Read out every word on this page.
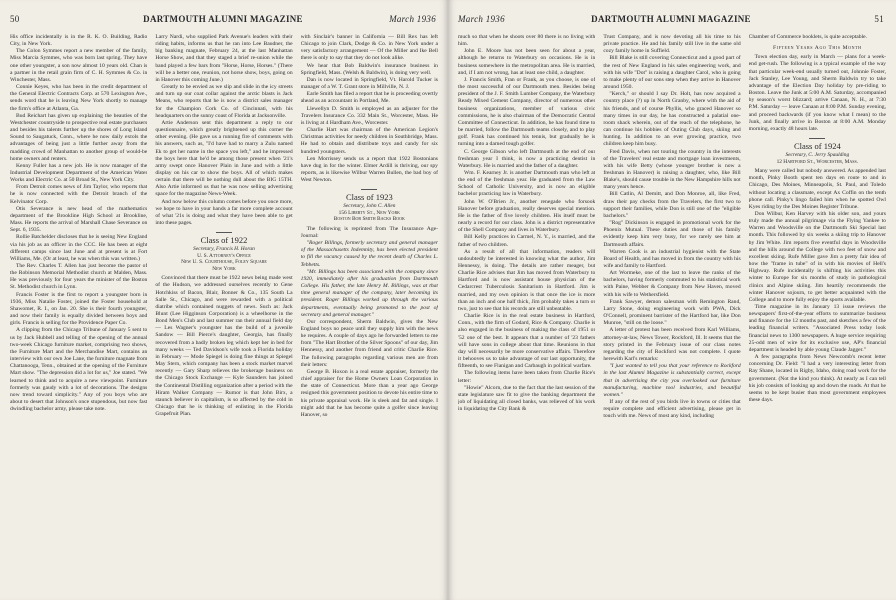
50	DARTMOUTH ALUMNI MAGAZINE	March 1936

His office incidentally is in the R. K. O. Building, Radio City, in New York.

The Colon Symmes report a new member of the family, Miss Marcia Symmes, who was born last spring. They have one other youngster, a son now almost 10 years old. Chan is a partner in the retail grain firm of C. H. Symmes & Co. in Winchester, Mass.

Connie Keyes, who has been in the credit department of the General Electric Contracts Corp. at 570 Lexington Ave., sends word that he is leaving New York shortly to manage the firm's office at Atlanta, Ga.

Bud Reichart has given up explaining the beauties of the Westchester countryside to prospective real estate purchasers and besides his talents further up the shores of Long Island Sound to Saugatuck, Conn., where he now daily extols the advantages of being just a little further away from the madding crowd of Manhattan to another group of would-be home owners and renters.

Kenny Fuller has a new job. He is now manager of the Industrial Development Department of the American Water Works and Electric Co. at 50 Broad St., New York City.

From Detroit comes news of Jim Taylor, who reports that he is now connected with the Detroit branch of the Kelvinator Corp.

Otis Severance is new head of the mathematics department of the Brookline High School at Brookline, Mass. He reports the arrival of Marshall Chase Severance on Sept. 6, 1935.

Rollie Batchelder discloses that he is seeing New England via his job as an officer in the CCC. He has been at eight different camps since last June and at present is at Fort Williams, Me. (Or at least, he was when this was written.)

The Rev. Charles T. Allen has just become the pastor of the Robinson Memorial Methodist church at Malden, Mass. He was previously for four years the minister of the Boston St. Methodist church in Lynn.

Francis Foster is the first to report a youngster born in 1936, Miss Natalie Foster, joined the Foster household at Shawomet, R. I., on Jan. 20. She is their fourth youngster, and now their family is equally divided between boys and girls. Francis is selling for the Providence Paper Co.

A clipping from the Chicago Tribune of January 5 sent to us by Jack Hubbell and telling of the opening of the annual two-week Chicago furniture market, comprising two shows, the Furniture Mart and the Merchandise Mart, contains an interview with our own Joe Lane, the furniture magnate from Chattanooga, Tenn., obtained at the opening of the Furniture Mart show. "The depression did a lot for us," Joe stated. "We learned to think and to acquire a new viewpoint. Furniture formerly was gaudy with a lot of decorations. The designs now trend toward simplicity." Any of you boys who are about to desert that Johnson's once stupendous, but now fast dwindling bachelor army, please take note.

Larry Nardi, who supplied Park Avenue's leaders with their riding habits, informs us that he ran into Lee Baudner, the big banking magnate, February 24, at the last Manhattan Horse Show, and that they staged a brief re-union while the band played a few bars from "Horse, Horse, Horses." (There will be a better one, reunion, not horse show, boys, going on in Hanover this coming June.)

Greatly to be envied as we slip and slide in the icy streets and turn up our coat collar against the arctic blasts is Jack Means, who reports that he is now a district sales manager for the Champion Cork Co. of Cincinnati, with his headquarters on the sunny coast of Florida at Jacksonville.

Artie Anderson sent this department a reply to our questionnaire, which greatly brightened up this corner the other evening. (He gave us a running fire of comments with his answers, such as, "I'd have had to marry a Zulu named Ek to get her name in the space you left," and he impressed the boys here that he'd be among those present when '21's army swept once Hanover Plain in June and with a little display on his car to show the boys. All of which makes certain that there will be nothing dull about the BIG 15TH. Also Artie informed us that he was now selling advertising space for the magazine News-Week.

And now below this column comes before you once more, we hope to have in your hands a far more complete account of what '21s is doing and what they have been able to get into these pages.

Class of 1922
Secretary, Francis H. Horan
U. S. Attorney's Office
New U. S. Courthouse, Foley Square
New York

Convinced that there must be 1922 news being made west of the Hudson, we addressed ourselves recently to Gene Hotchkiss of Bacon, Blair, Bonner & Co., 135 South La Salle St., Chicago, and were rewarded with a political diatribe which contained nuggets of news. Such as: Jack Blunt (Lee Higginson Corporation) is a wheelhorse in the Bond Men's Club and last summer ran their annual field day — Les Wagner's youngster has the build of a juvenile Sandow — Bill Pierce's daughter, Georgia, has finally recovered from a badly broken leg which kept her in bed for many weeks — Ted Davidson's wife took a Florida holiday in February — Mode Spiegel is doing fine things at Spiegel May Stern, which company has been a stock market marvel recently — Gary Sharp relieves the brokerage business on the Chicago Stock Exchange — Kyle Saunders has joined the Continental Distilling organization after a period with the Hiram Walker Company — Rumor is that John Birx, a staunch believer in capitalism, is so affected by the cold in Chicago that he is thinking of enlisting in the Florida Grapefruit Plan.

with Sinclair's banner in California — Bill Rex has left Chicago to join Clark, Dodge & Co. in New York under a very satisfactory arrangement — Of the Miller and Ike Bell there is only to say that they do not look alike.

We hear that Bob Baldwin's insurance business in Springfield, Mass. (Welsh & Baldwin), is doing very well.

Dan is now located in Springfield, Vt. Harold Tucker is manager of a W. T. Grant store in Millville, N. J.

Earle Smith has filed a report that he is proceeding overtly ahead as an accountant in Portland, Me.

Llewellyn D. Smith is employed as an adjuster for the Travelers Insurance Co. 332 Main St., Worcester, Mass. He is living at 4 Hardham Ave., Worcester.

Charlie Hart was chairman of the American Legion's Christmas activities for needy children in Southbridge, Mass. He had to obtain and distribute toys and candy for six hundred youngsters.

Len Morrissey sends us a report that 1922 Bostonians have dug in for the winter. Elmer Ardill is thriving, our spy reports, as is likewise Wilbur Warren Bullen, the bad boy of West Newton.

Class of 1923
Secretary, John C. Allen
156 Liberty St., New York
Boston Bob Smith Backs Book

The following is reprinted from The Insurance Age-Journal:

"Roger Billings, formerly secretary and general manager of the Massachusetts Indemnity, has been elected president to fill the vacancy caused by the recent death of Charles L. Tebbetts.

"Mr. Billings has been associated with the company since 1920, immediately after his graduation from Dartmouth College. His father, the late Henry M. Billings, was at that time general manager of the company, later becoming its president. Roger Billings worked up through the various departments, eventually being promoted to the post of secretary and general manager."

Our correspondent, Sherm Baldwin, gives the New England boys no peace until they supply him with the news he requires. A couple of days ago he forwarded letters to me from "The Hart Brother of the Silver Spoons" of our day, Jim Hennessy, and another from friend and critic Charlie Rice. The following paragraphs regarding various men are from their letters:

George B. Hoxon is a real estate appraiser, formerly the chief appraiser for the Home Owners Loan Corporation in the state of Connecticut. More than a year ago George resigned this government position to devote his entire time to his private appraisal work. He is sleek and fat and single. I might add that he has become quite a golfer since leaving Hanover, so

March 1936	DARTMOUTH ALUMNI MAGAZINE	51

much so that when he shoots over 80 there is no living with him.

John E. Moore has not been seen for about a year, although he returns to Waterbury on occasions. He is in business somewhere in the metropolitan area. He is married, and, if I am not wrong, has at least one child, a daughter.

J. Francis Smith, Fran or Frank, as you choose, is one of the most successful of our Dartmouth men. Besides being president of the J. F. Smith Lumber Company, the Waterbury Ready Mixed Cement Company, director of numerous other business organizations, member of various civic commissions, he is also chairman of the Democratic Central Committee of Connecticut. In addition, he has found time to be married, follow the Dartmouth teams closely, and to play golf. Frank has continued his tennis, but gradually he is turning into a darned tough golfer.

C. George Gibson who left Dartmouth at the end of our freshman year I think, is now a practicing dentist in Waterbury. He is married and the father of a daughter.

Wm. F. Kearney Jr. is another Dartmouth man who left at the end of the freshman year. He graduated from the Law School of Catholic University, and is now an eligible bachelor practicing law in Waterbury.

John W. O'Brien Jr., another renegade who forsook Hanover before graduation, really deserves special mention. He is the father of five lovely children. His itself must be nearly a record for our class. John is a district representative of the Shell Company and lives in Waterbury.

Bill Kelly practices in Carmel, N. Y., is married, and the father of two children.

As a result of all that information, readers will undoubtedly be interested in knowing what the author, Jim Hennessy, is doing. The details are rather meager, but Charlie Rice advises that Jim has moved from Waterbury to Hartford and is now assistant house physician of the Cedarcrest Tuberculosis Sanitarium in Hartford. Jim is married, and my own opinion is that once the ice is more than an inch and one half thick, Jim probably takes a turn or two, just to see that his records are still unbeatable.

Charlie Rice is in the real estate business in Hartford, Conn., with the firm of Godard, Rice & Company. Charlie is also engaged in the business of making the class of 1951 or '52 one of the best. It appears that a number of '23 fathers will have sons in college about that time. Reunions in that day will necessarily be more conservative affairs. Therefore it behooves us to take advantage of our last opportunity, the fifteenth, to see Flanigan and Carbaugh in political warfare.

The following items have been taken from Charlie Rice's letter:

"Howie" Alcorn, due to the fact that the last session of the state legislature saw fit to give the banking department the job of liquidating all closed banks, was relieved of his work in liquidating the City Bank &

Trust Company, and is now devoting all his time to his private practice. He and his family still live in the same old cozy family home in Suffield.

Bill Blake is still covering Connecticut and a good part of the rest of New England in his sales engineering work, and with his wife "Dot" is raising a daughter Carol, who is going to make plenty of our sons step when they arrive in Hanover around 1950.

"Kerch," or should I say Dr. Holt, has now acquired a country place (?) up in North Granby, where with the aid of his friends, and of course Phyllis, who graced Hanover so many times in our day, he has constructed a palatial one-room shack wherein, out of the reach of the telephone, he can continue his hobbies of Outing Club days, skiing and hunting. In addition to an ever growing practice, two children keep him busy.

Fred Davis, when not touring the country in the interests of the Travelers' real estate and mortgage loan investments, with his wife Betty (whose younger brother is now a freshman in Hanover) is raising a daughter, who, like Bill Blake's, should cause trouble in the New Hampshire hills not many years hence.

Bill Catlin, Al Demitt, and Don Monroe, all, like Fred, draw their pay checks from the Travelers, the first two to support their families, while Don is still one of the "eligible bachelors."

"Rog" Dickinson is engaged in promotional work for the Phoenix Mutual. These duties and those of his family evidently keep him very busy, for we rarely see him at Dartmouth affairs.

Warren Cook is an industrial hygienist with the State Board of Health, and has moved in from the country with his wife and family to Hartford.

Art Wormeke, one of the last to leave the ranks of the bachelors, having formerly commuted to his statistical work with Paine, Webber & Company from New Haven, moved with his wife to Wethersfield.

Frank Sawyer, demon salesman with Remington Rand, Larry Stone, doing engineering work with PWA, Dick O'Connell, prominent barrister of the Hartford bar, like Don Munroe, "still on the loose."

A letter of protest has been received from Karl Williams, attorney-at-law, News Tower, Rockford, Ill. It seems that the story printed in the February issue of our class notes regarding the city of Rockford was not complete. I quote herewith Karl's remarks:

"I just wanted to tell you that your reference to Rockford in the last Alumni Magazine is substantially correct, except that in advertising the city you overlooked our furniture manufacturing, machine tool industries, and beautiful women."

If any of the rest of you birds live in towns or cities that require complete and efficient advertising, please get in touch with me. News of most any kind, including

Chamber of Commerce booklets, is quite acceptable.

Fifteen Years Ago This Month

Town election day, early in March — plans for a week-end get-rush. The following is a typical example of the way that particular week-end usually turned out, Johnnie Foster, Jack Stanley, Lee Young, and Sherm Baldwin try to take advantage of the Election Day holiday by pre-riding to Boston. Leave the Junk at 5:00 A.M. Saturday, accompanied by season's worst blizzard; arrive Canaan, N. H., at 7:30 P.M. Saturday — leave Canaan at 8:00 P.M. Sunday evening, and proceed backwards (if you know what I mean) to the Junk, and finally arrive in Boston at 8:00 A.M. Monday morning, exactly 48 hours late.

Class of 1924
Secretary, C. Jerry Spaulding
12 Hartford St., Worcester, Mass.

Many were called but nobody answered. As appended last month, Pinky Booth spent ten days en route to and in Chicago, Des Moines, Minneapolis, St. Paul, and Toledo without locating a classmate, except Ax Coffin on the tenth phone call. Pinky's lingo failed him when he spotted Owl Kyes riding by the Des Moines Register Tribune.

Don Wilbur, Ken Harvey with his older son, and yours truly made the annual pilgrimage via the Flying Yankee to Warren and Woodsville on the Dartmouth Ski Special last month. This followed by six weeks a skiing trip to Hanover by Jim White. Jim reports five eventful days in Woodsville and the hills around the College with two feet of snow and excellent skiing. Rufe Miller gave Jim a pretty fair idea of how the "frame in tube" of in with his movies of Hell's Highway. Rufe incidentally is shifting his activities this winter to Europe for six months of study in pathological clinics and Alpine skiing. Jim heartily recommends the winter Hanover sojourn, to get better acquainted with the College and to more fully enjoy the sports available.

Time magazine in its January 13 issue reviews the newspapers' first-of-the-year efforts to summarize business and finance for the 12 months past, and sketches a few of the leading financial writers. "Associated Press today look financial news to 1300 newspapers. A huge service requiring 25-odd men of wire for its exclusive use, AP's financial department is headed by able young Claude Jagger."

A few paragraphs from News Newcomb's recent letter concerning Dr. Field: "I had a very interesting letter from Ray Shane, located in Rigby, Idaho, doing road work for the government. (Not the kind you think). At nearly as I can tell his job consists of looking up and down the roads. At that he seems to be kept busier than most government employees these days.
